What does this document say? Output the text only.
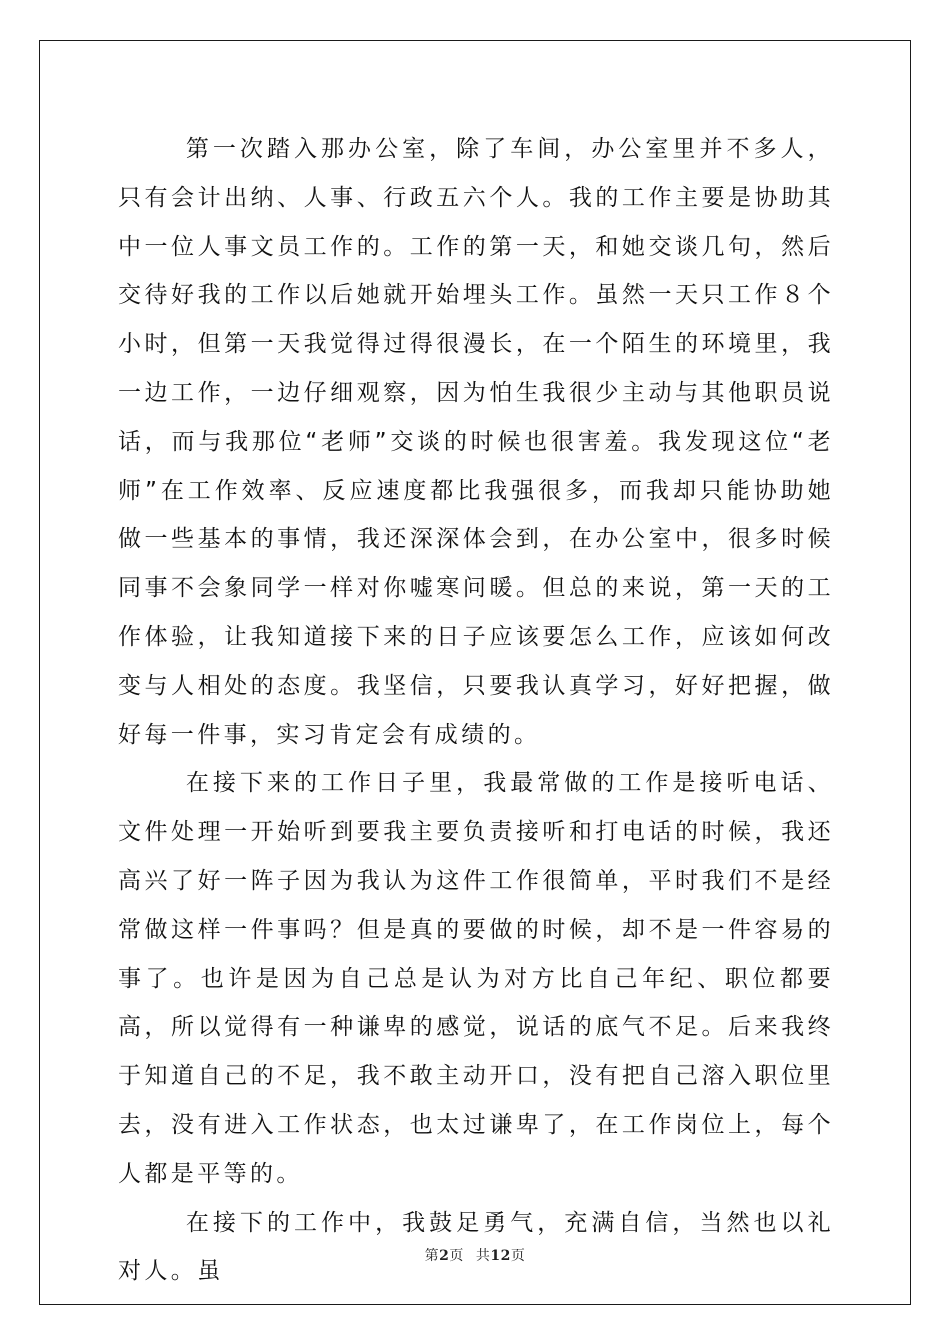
第一次踏入那办公室，除了车间，办公室里并不多人，只有会计出纳、人事、行政五六个人。我的工作主要是协助其中一位人事文员工作的。工作的第一天，和她交谈几句，然后交待好我的工作以后她就开始埋头工作。虽然一天只工作８个小时，但第一天我觉得过得很漫长，在一个陌生的环境里，我一边工作，一边仔细观察，因为怕生我很少主动与其他职员说话，而与我那位“老师”交谈的时候也很害羞。我发现这位“老师”在工作效率、反应速度都比我强很多，而我却只能协助她做一些基本的事情，我还深深体会到，在办公室中，很多时候同事不会象同学一样对你嘘寒问暖。但总的来说，第一天的工作体验，让我知道接下来的日子应该要怎么工作，应该如何改变与人相处的态度。我坚信，只要我认真学习，好好把握，做好每一件事，实习肯定会有成绩的。

在接下来的工作日子里，我最常做的工作是接听电话、文件处理一开始听到要我主要负责接听和打电话的时候，我还高兴了好一阵子因为我认为这件工作很简单，平时我们不是经常做这样一件事吗？但是真的要做的时候，却不是一件容易的事了。也许是因为自己总是认为对方比自己年纪、职位都要高，所以觉得有一种谦卑的感觉，说话的底气不足。后来我终于知道自己的不足，我不敢主动开口，没有把自己溶入职位里去，没有进入工作状态，也太过谦卑了，在工作岗位上，每个人都是平等的。

在接下的工作中，我鼓足勇气，充满自信，当然也以礼对人。虽

第2页 共12页
